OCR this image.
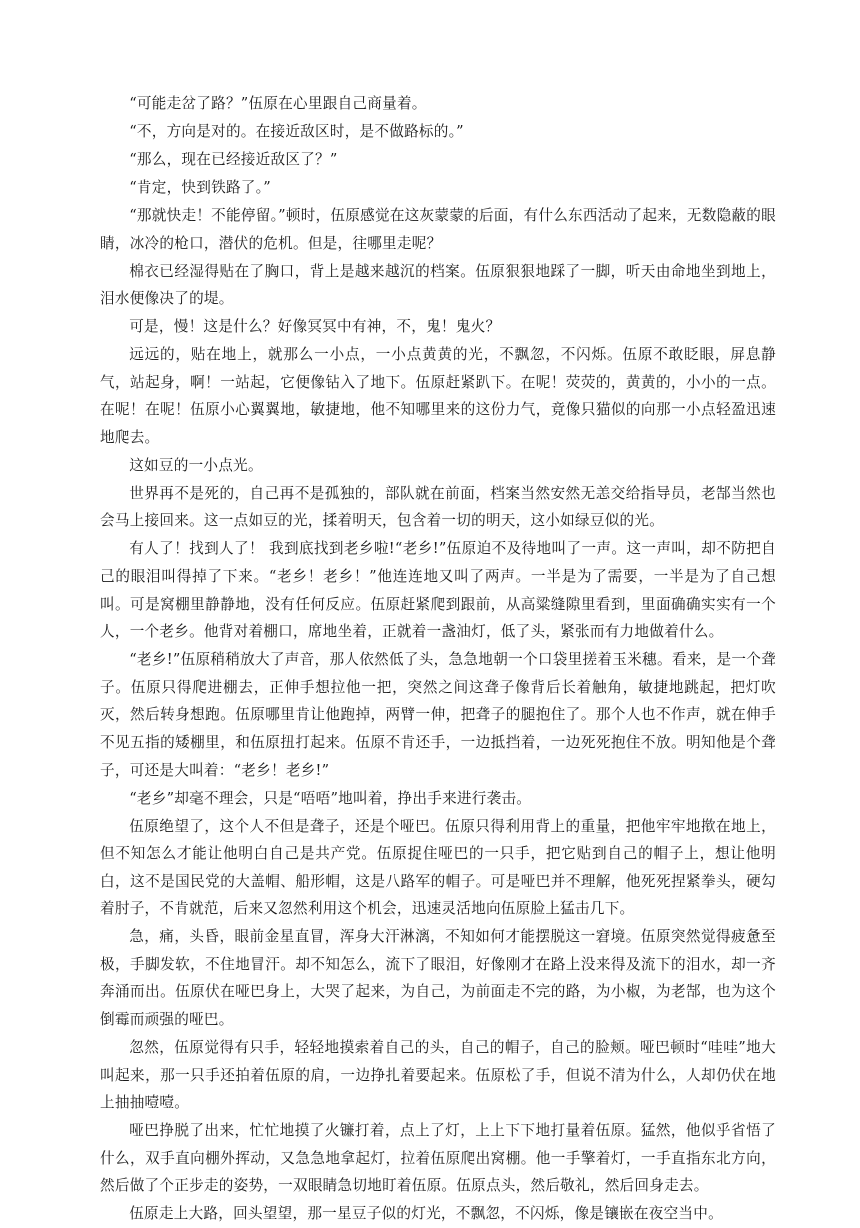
“可能走岔了路？”伍原在心里跟自己商量着。

“不，方向是对的。在接近敌区时，是不做路标的。”

“那么，现在已经接近敌区了？”

“肯定，快到铁路了。”

“那就快走！不能停留。”顿时，伍原感觉在这灰蒙蒙的后面，有什么东西活动了起来，无数隐蔽的眼睛，冰冷的枪口，潜伏的危机。但是，往哪里走呢？

棉衣已经湿得贴在了胸口，背上是越来越沉的档案。伍原狠狠地踩了一脚，听天由命地坐到地上，泪水便像决了的堤。

可是，慢！这是什么？好像冥冥中有神，不，鬼！鬼火？

远远的，贴在地上，就那么一小点，一小点黄黄的光，不飘忽，不闪烁。伍原不敢眨眼，屏息静气，站起身，啊！一站起，它便像钻入了地下。伍原赶紧趴下。在呢！荧荧的，黄黄的，小小的一点。在呢！在呢！伍原小心翼翼地，敏捷地，他不知哪里来的这份力气，竟像只猫似的向那一小点轻盈迅速地爬去。

这如豆的一小点光。

世界再不是死的，自己再不是孤独的，部队就在前面，档案当然安然无恙交给指导员，老郜当然也会马上接回来。这一点如豆的光，揉着明天，包含着一切的明天，这小如绿豆似的光。

有人了！找到人了！ 我到底找到老乡啦!“老乡!”伍原迫不及待地叫了一声。这一声叫，却不防把自己的眼泪叫得掉了下来。“老乡！老乡！”他连连地又叫了两声。一半是为了需要，一半是为了自己想叫。可是窝棚里静静地，没有任何反应。伍原赶紧爬到跟前，从高粱缝隙里看到，里面确确实实有一个人，一个老乡。他背对着棚口，席地坐着，正就着一盏油灯，低了头，紧张而有力地做着什么。

“老乡!”伍原稍稍放大了声音，那人依然低了头，急急地朝一个口袋里搓着玉米穗。看来，是一个聋子。伍原只得爬进棚去，正伸手想拉他一把，突然之间这聋子像背后长着触角，敏捷地跳起，把灯吹灭，然后转身想跑。伍原哪里肯让他跑掉，两臂一伸，把聋子的腿抱住了。那个人也不作声，就在伸手不见五指的矮棚里，和伍原扭打起来。伍原不肯还手，一边抵挡着，一边死死抱住不放。明知他是个聋子，可还是大叫着：“老乡！老乡!”

“老乡”却毫不理会，只是“唔唔”地叫着，挣出手来进行袭击。

伍原绝望了，这个人不但是聋子，还是个哑巴。伍原只得利用背上的重量，把他牢牢地揿在地上，但不知怎么才能让他明白自己是共产党。伍原捉住哑巴的一只手，把它贴到自己的帽子上，想让他明白，这不是国民党的大盖帽、船形帽，这是八路军的帽子。可是哑巴并不理解，他死死捏紧拳头，硬勾着肘子，不肯就范，后来又忽然利用这个机会，迅速灵活地向伍原脸上猛击几下。

急，痛，头昏，眼前金星直冒，浑身大汗淋漓，不知如何才能摆脱这一窘境。伍原突然觉得疲惫至极，手脚发软，不住地冒汗。却不知怎么，流下了眼泪，好像刚才在路上没来得及流下的泪水，却一齐奔涌而出。伍原伏在哑巴身上，大哭了起来，为自己，为前面走不完的路，为小椒，为老郜，也为这个倒霉而顽强的哑巴。

忽然，伍原觉得有只手，轻轻地摸索着自己的头，自己的帽子，自己的脸颊。哑巴顿时“哇哇”地大叫起来，那一只手还拍着伍原的肩，一边挣扎着要起来。伍原松了手，但说不清为什么，人却仍伏在地上抽抽噎噎。

哑巴挣脱了出来，忙忙地摸了火镰打着，点上了灯，上上下下地打量着伍原。猛然，他似乎省悟了什么，双手直向棚外挥动，又急急地拿起灯，拉着伍原爬出窝棚。他一手擎着灯，一手直指东北方向，然后做了个正步走的姿势，一双眼睛急切地盯着伍原。伍原点头，然后敬礼，然后回身走去。

伍原走上大路，回头望望，那一星豆子似的灯光，不飘忽，不闪烁，像是镶嵌在夜空当中。
